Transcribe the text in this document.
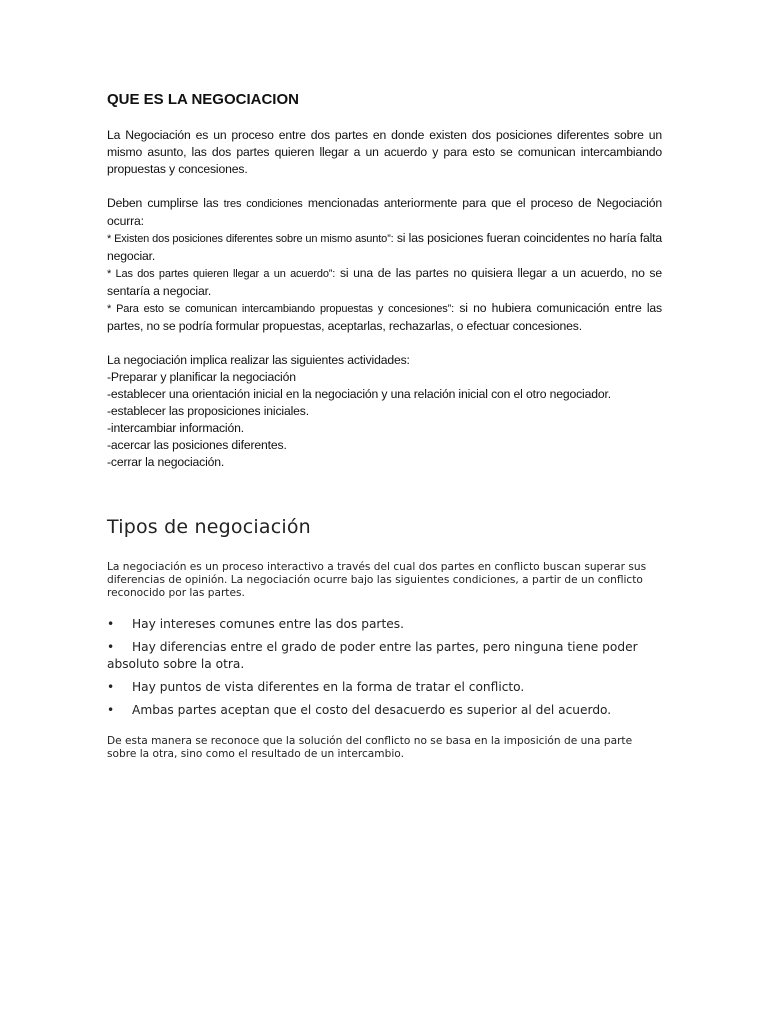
QUE ES LA NEGOCIACION

La Negociación es un proceso entre dos partes en donde existen dos posiciones diferentes sobre un mismo asunto, las dos partes quieren llegar a un acuerdo y para esto se comunican intercambiando propuestas y concesiones.

Deben cumplirse las tres condiciones mencionadas anteriormente para que el proceso de Negociación ocurra:

* Existen dos posiciones diferentes sobre un mismo asunto”: si las posiciones fueran coincidentes no haría falta negociar.
* Las dos partes quieren llegar a un acuerdo”: si una de las partes no quisiera llegar a un acuerdo, no se sentaría a negociar.
* Para esto se comunican intercambiando propuestas y concesiones”: si no hubiera comunicación entre las partes, no se podría formular propuestas, aceptarlas, rechazarlas, o efectuar concesiones.
La negociación implica realizar las siguientes actividades:
-Preparar y planificar la negociación
-establecer una orientación inicial en la negociación y una relación inicial con el otro negociador.
-establecer las proposiciones iniciales.
-intercambiar información.
-acercar las posiciones diferentes.
-cerrar la negociación.
Tipos de negociación

La negociación es un proceso interactivo a través del cual dos partes en conflicto buscan superar sus diferencias de opinión. La negociación ocurre bajo las siguientes condiciones, a partir de un conflicto reconocido por las partes.

• Hay intereses comunes entre las dos partes.
• Hay diferencias entre el grado de poder entre las partes, pero ninguna tiene poder absoluto sobre la otra.
• Hay puntos de vista diferentes en la forma de tratar el conflicto.
• Ambas partes aceptan que el costo del desacuerdo es superior al del acuerdo.

De esta manera se reconoce que la solución del conflicto no se basa en la imposición de una parte sobre la otra, sino como el resultado de un intercambio.
